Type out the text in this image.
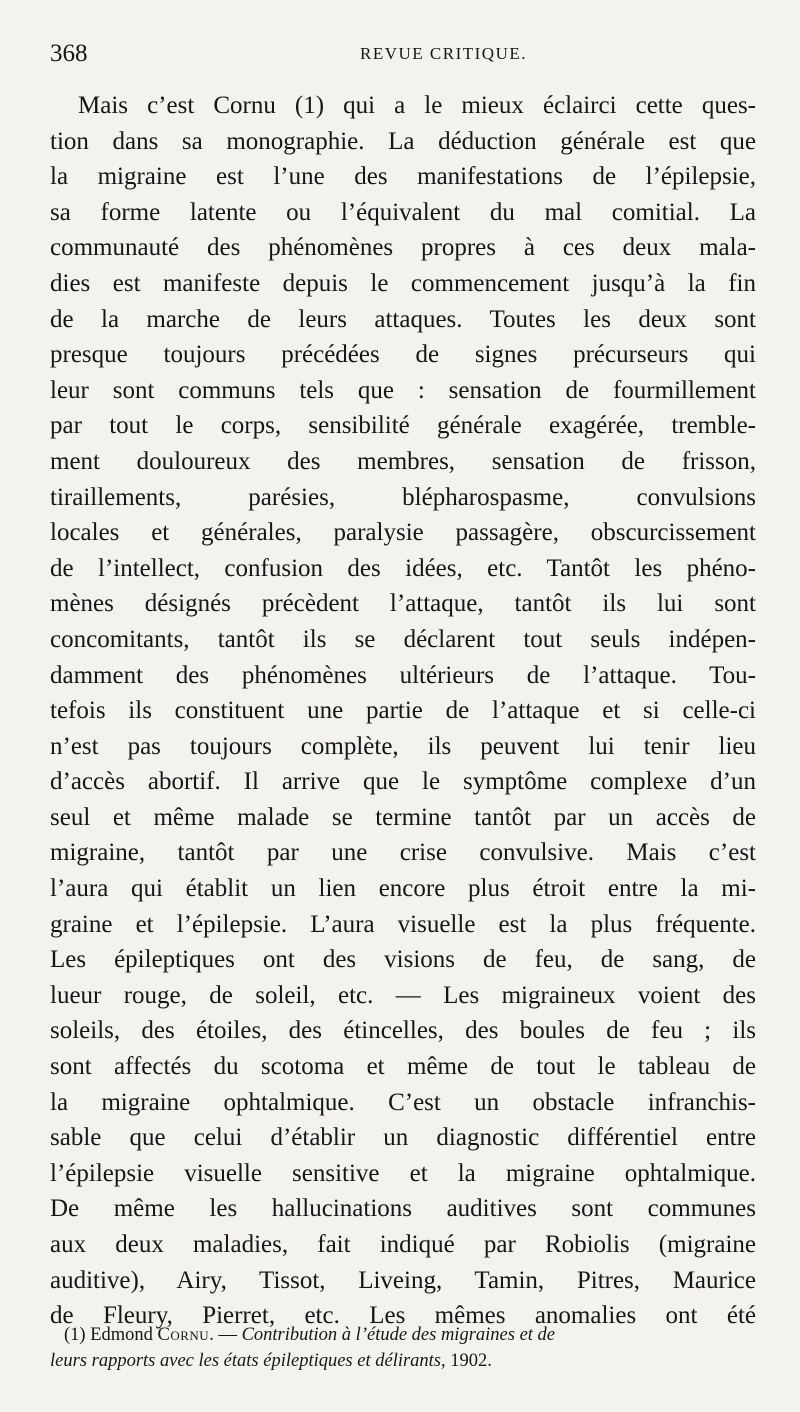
368	REVUE CRITIQUE.
Mais c’est Cornu (1) qui a le mieux éclairci cette ques-
tion dans sa monographie. La déduction générale est que
la migraine est l’une des manifestations de l’épilepsie,
sa forme latente ou l’équivalent du mal comitial. La
communauté des phénomènes propres à ces deux mala-
dies est manifeste depuis le commencement jusqu’à la fin
de la marche de leurs attaques. Toutes les deux sont
presque toujours précédées de signes précurseurs qui
leur sont communs tels que : sensation de fourmillement
par tout le corps, sensibilité générale exagérée, tremble-
ment douloureux des membres, sensation de frisson,
tiraillements, parésies, blépharospasme, convulsions
locales et générales, paralysie passagère, obscurcissement
de l’intellect, confusion des idées, etc. Tantôt les phéno-
mènes désignés précèdent l’attaque, tantôt ils lui sont
concomitants, tantôt ils se déclarent tout seuls indépen-
damment des phénomènes ultérieurs de l’attaque. Tou-
tefois ils constituent une partie de l’attaque et si celle-ci
n’est pas toujours complète, ils peuvent lui tenir lieu
d’accès abortif. Il arrive que le symptôme complexe d’un
seul et même malade se termine tantôt par un accès de
migraine, tantôt par une crise convulsive. Mais c’est
l’aura qui établit un lien encore plus étroit entre la mi-
graine et l’épilepsie. L’aura visuelle est la plus fréquente.
Les épileptiques ont des visions de feu, de sang, de
lueur rouge, de soleil, etc. — Les migraineux voient des
soleils, des étoiles, des étincelles, des boules de feu ; ils
sont affectés du scotoma et même de tout le tableau de
la migraine ophtalmique. C’est un obstacle infranchis-
sable que celui d’établir un diagnostic différentiel entre
l’épilepsie visuelle sensitive et la migraine ophtalmique.
De même les hallucinations auditives sont communes
aux deux maladies, fait indiqué par Robiolis (migraine
auditive), Airy, Tissot, Liveing, Tamin, Pitres, Maurice
de Fleury, Pierret, etc. Les mêmes anomalies ont été
(1) Edmond Cornu. — Contribution à l’étude des migraines et de
leurs rapports avec les états épileptiques et délirants, 1902.
